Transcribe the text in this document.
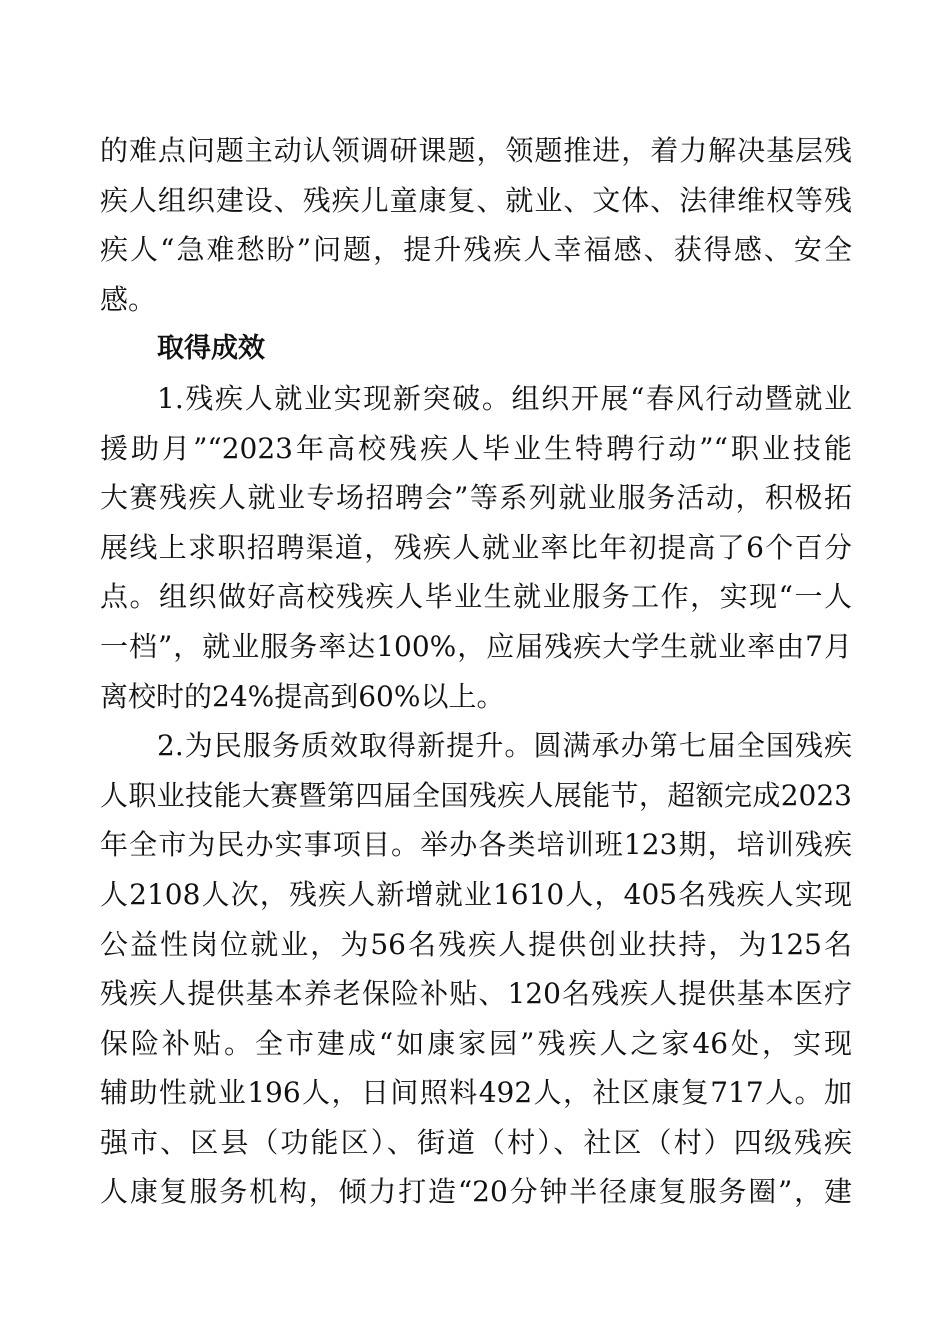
的难点问题主动认领调研课题，领题推进，着力解决基层残
疾人组织建设、残疾儿童康复、就业、文体、法律维权等残
疾人“急难愁盼”问题，提升残疾人幸福感、获得感、安全
感。
取得成效
1.残疾人就业实现新突破。组织开展“春风行动暨就业
援助月”“2023年高校残疾人毕业生特聘行动”“职业技能
大赛残疾人就业专场招聘会”等系列就业服务活动，积极拓
展线上求职招聘渠道，残疾人就业率比年初提高了6个百分
点。组织做好高校残疾人毕业生就业服务工作，实现“一人
一档”，就业服务率达100%，应届残疾大学生就业率由7月
离校时的24%提高到60%以上。
2.为民服务质效取得新提升。圆满承办第七届全国残疾
人职业技能大赛暨第四届全国残疾人展能节，超额完成2023
年全市为民办实事项目。举办各类培训班123期，培训残疾
人2108人次，残疾人新增就业1610人，405名残疾人实现
公益性岗位就业，为56名残疾人提供创业扶持，为125名
残疾人提供基本养老保险补贴、120名残疾人提供基本医疗
保险补贴。全市建成“如康家园”残疾人之家46处，实现
辅助性就业196人，日间照料492人，社区康复717人。加
强市、区县（功能区）、街道（村）、社区（村）四级残疾
人康复服务机构，倾力打造“20分钟半径康复服务圈”，建
